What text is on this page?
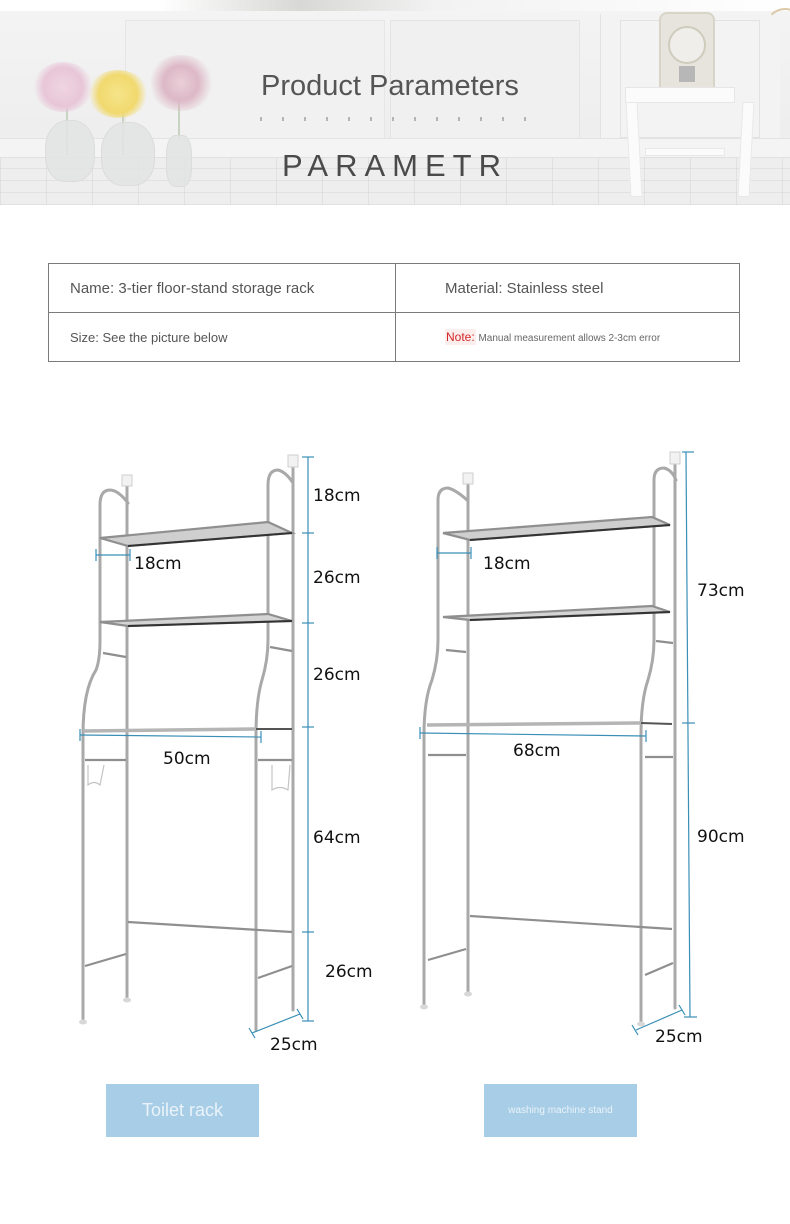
Product Parameters
PARAMETR
Name: 3-tier floor-stand storage rack	Material: Stainless steel
Size: See the picture below	Note: Manual measurement allows 2-3cm error
18cm
26cm
26cm
64cm
26cm
18cm
50cm
25cm
73cm
90cm
18cm
68cm
25cm
Toilet rack	washing machine stand
